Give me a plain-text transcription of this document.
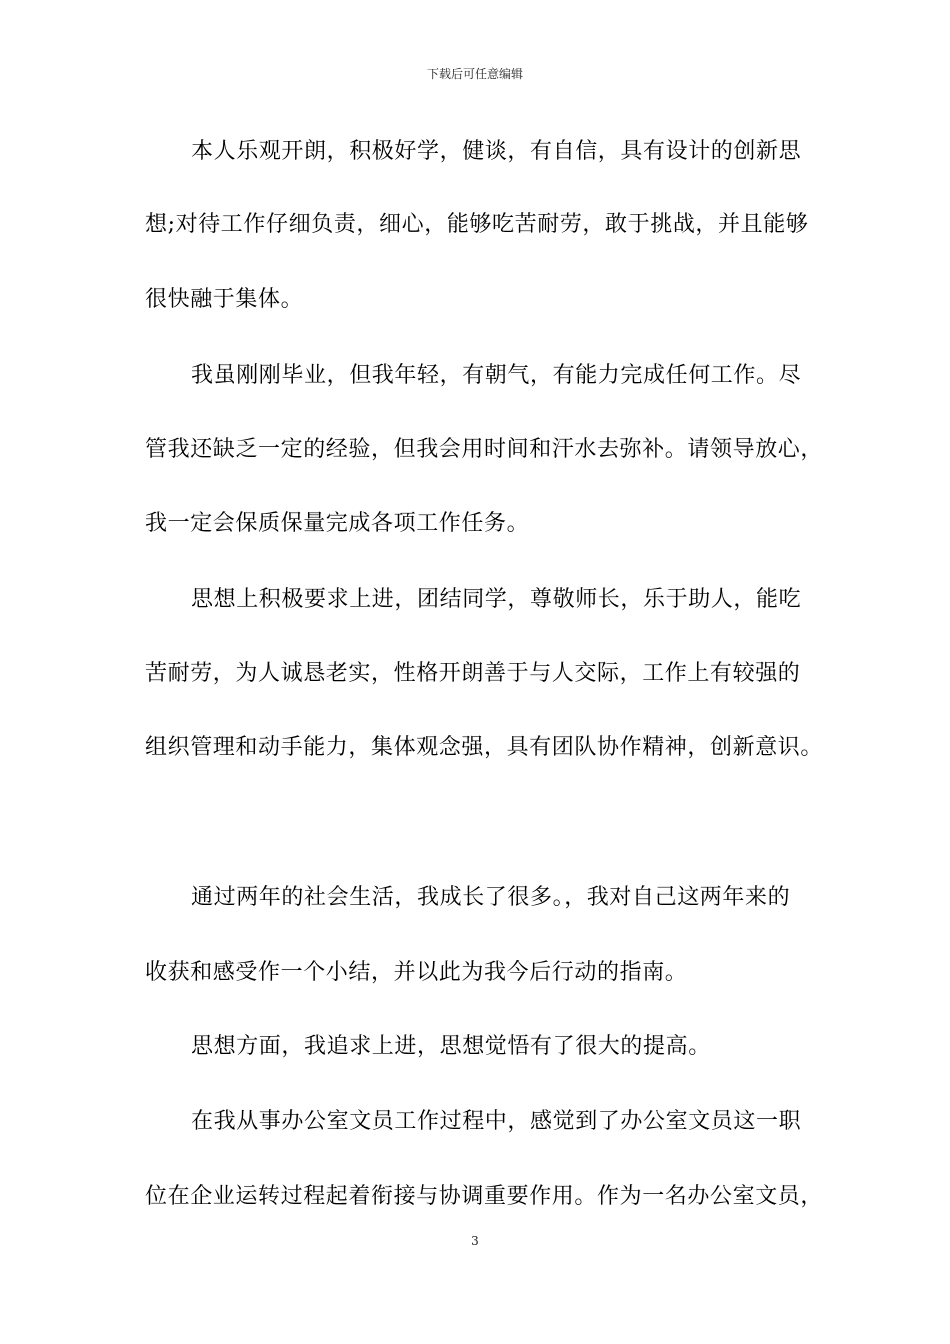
下载后可任意编辑
本人乐观开朗，积极好学，健谈，有自信，具有设计的创新思
想;对待工作仔细负责，细心，能够吃苦耐劳，敢于挑战，并且能够
很快融于集体。
我虽刚刚毕业，但我年轻，有朝气，有能力完成任何工作。尽
管我还缺乏一定的经验，但我会用时间和汗水去弥补。请领导放心，
我一定会保质保量完成各项工作任务。
思想上积极要求上进，团结同学，尊敬师长，乐于助人，能吃
苦耐劳，为人诚恳老实，性格开朗善于与人交际，工作上有较强的
组织管理和动手能力，集体观念强，具有团队协作精神，创新意识。
通过两年的社会生活，我成长了很多。，我对自己这两年来的
收获和感受作一个小结，并以此为我今后行动的指南。
思想方面，我追求上进，思想觉悟有了很大的提高。
在我从事办公室文员工作过程中，感觉到了办公室文员这一职
位在企业运转过程起着衔接与协调重要作用。作为一名办公室文员，
3
